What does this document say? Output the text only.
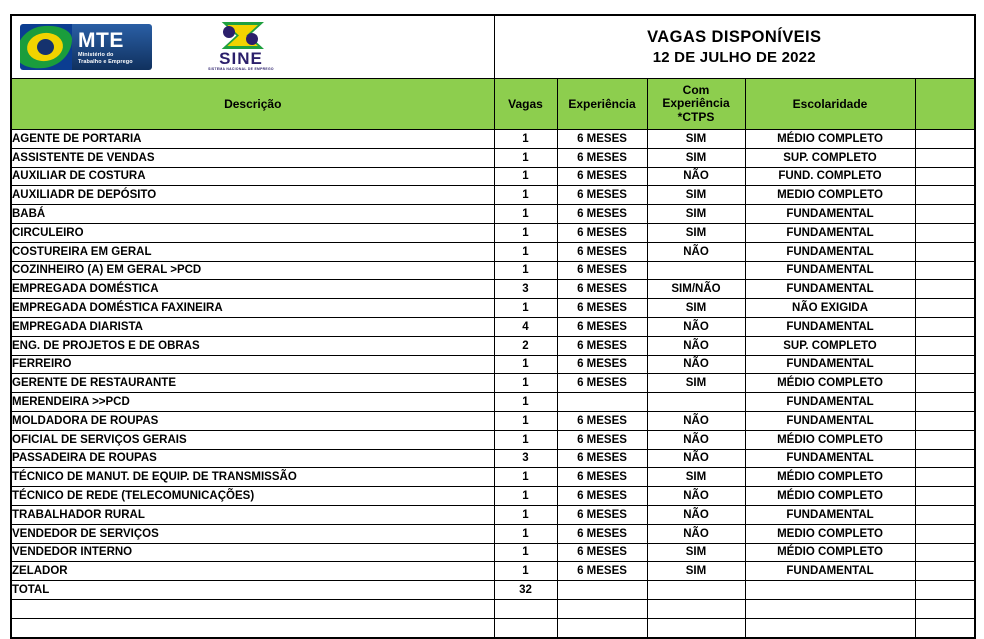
MTE
Ministério do
Trabalho e Emprego	SINE
SISTEMA NACIONAL DE EMPREGO

VAGAS DISPONÍVEIS
12 DE JULHO DE 2022

Descrição	Vagas	Experiência	Com
Experiência
*CTPS	Escolaridade	
AGENTE DE PORTARIA	1	6 MESES	SIM	MÉDIO COMPLETO	
ASSISTENTE DE VENDAS	1	6 MESES	SIM	SUP. COMPLETO	
AUXILIAR DE COSTURA	1	6 MESES	NÃO	FUND. COMPLETO	
AUXILIADR DE DEPÓSITO	1	6 MESES	SIM	MEDIO COMPLETO	
BABÁ	1	6 MESES	SIM	FUNDAMENTAL	
CIRCULEIRO	1	6 MESES	SIM	FUNDAMENTAL	
COSTUREIRA EM GERAL	1	6 MESES	NÃO	FUNDAMENTAL	
COZINHEIRO (A) EM GERAL >PCD	1	6 MESES		FUNDAMENTAL	
EMPREGADA DOMÉSTICA	3	6 MESES	SIM/NÃO	FUNDAMENTAL	
EMPREGADA DOMÉSTICA FAXINEIRA	1	6 MESES	SIM	NÃO EXIGIDA	
EMPREGADA DIARISTA	4	6 MESES	NÃO	FUNDAMENTAL	
ENG. DE PROJETOS E DE OBRAS	2	6 MESES	NÃO	SUP. COMPLETO	
FERREIRO	1	6 MESES	NÃO	FUNDAMENTAL	
GERENTE DE RESTAURANTE	1	6 MESES	SIM	MÉDIO COMPLETO	
MERENDEIRA >>PCD	1			FUNDAMENTAL	
MOLDADORA DE ROUPAS	1	6 MESES	NÃO	FUNDAMENTAL	
OFICIAL DE SERVIÇOS GERAIS	1	6 MESES	NÃO	MÉDIO COMPLETO	
PASSADEIRA DE ROUPAS	3	6 MESES	NÃO	FUNDAMENTAL	
TÉCNICO DE MANUT. DE EQUIP. DE TRANSMISSÃO	1	6 MESES	SIM	MÉDIO COMPLETO	
TÉCNICO DE REDE (TELECOMUNICAÇÕES)	1	6 MESES	NÃO	MÉDIO COMPLETO	
TRABALHADOR RURAL	1	6 MESES	NÃO	FUNDAMENTAL	
VENDEDOR DE SERVIÇOS	1	6 MESES	NÃO	MEDIO COMPLETO	
VENDEDOR INTERNO	1	6 MESES	SIM	MÉDIO COMPLETO	
ZELADOR	1	6 MESES	SIM	FUNDAMENTAL	
TOTAL	32				
